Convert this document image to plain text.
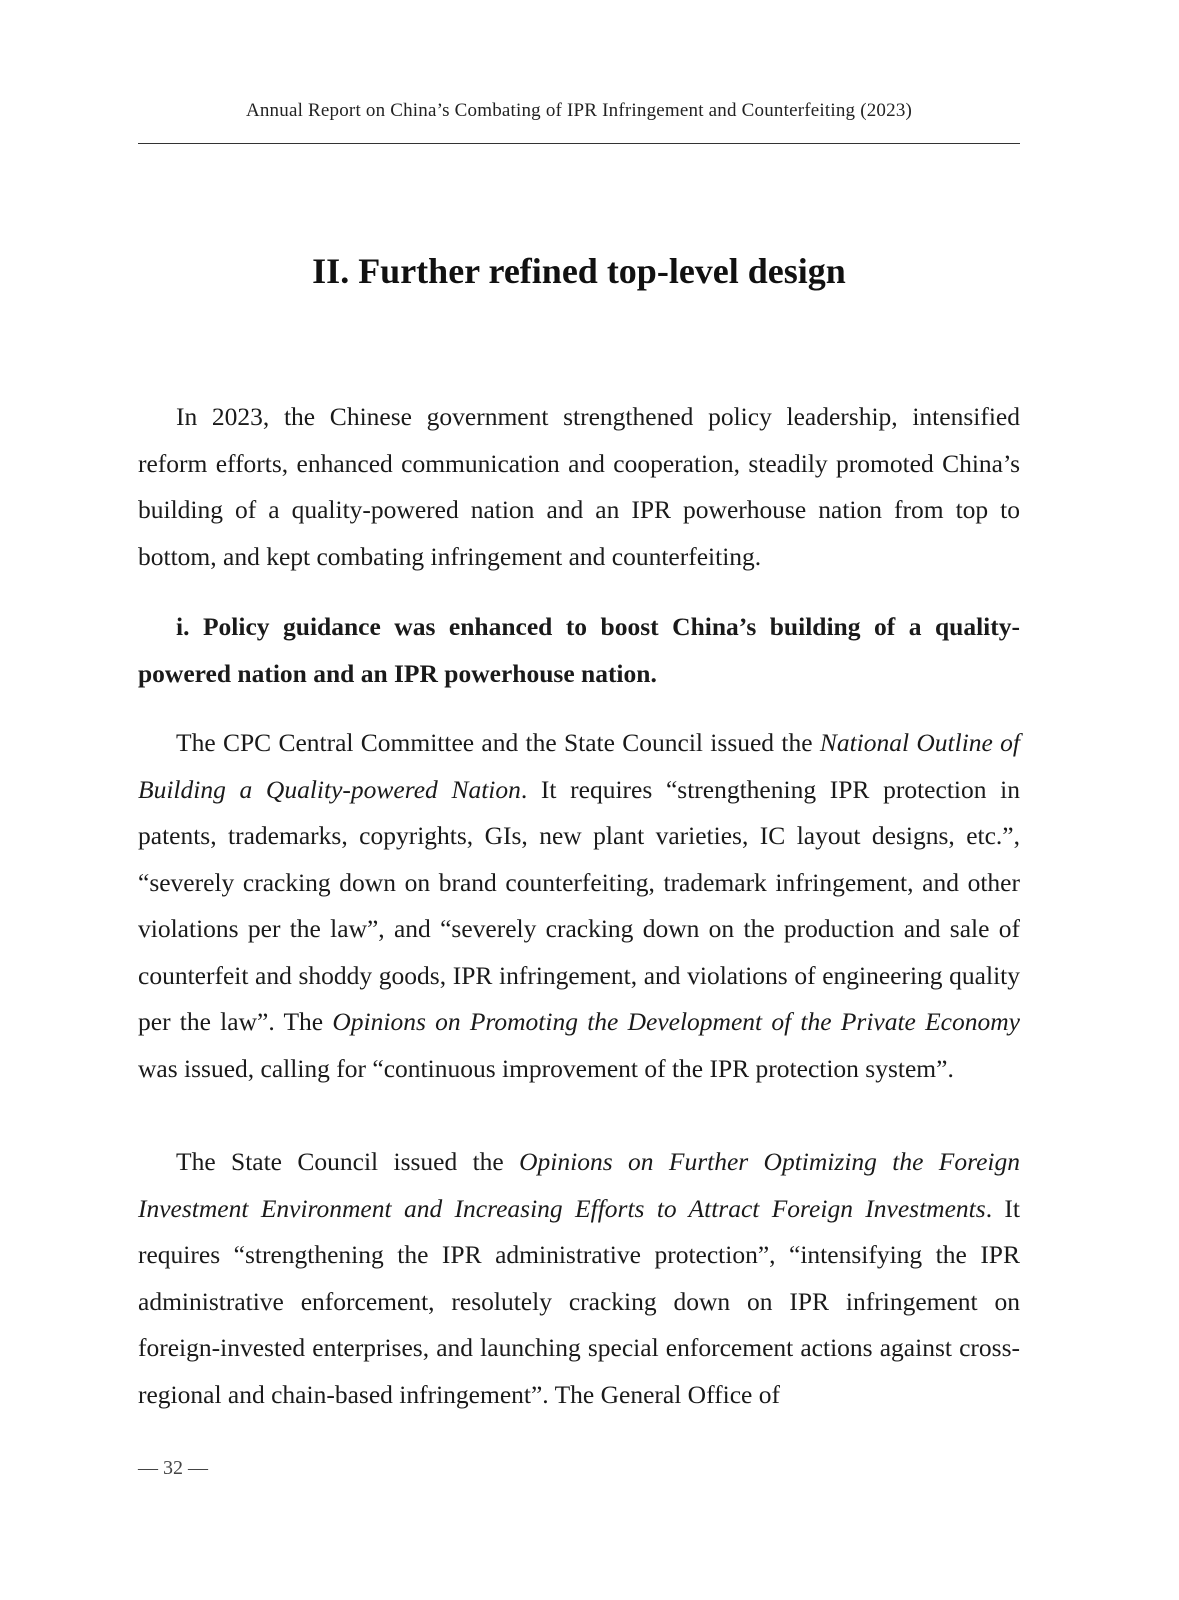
Annual Report on China’s Combating of IPR Infringement and Counterfeiting (2023)
II. Further refined top-level design

In 2023, the Chinese government strengthened policy leadership, intensified reform efforts, enhanced communication and cooperation, steadily promoted China’s building of a quality-powered nation and an IPR powerhouse nation from top to bottom, and kept combating infringement and counterfeiting.

i. Policy guidance was enhanced to boost China’s building of a quality-powered nation and an IPR powerhouse nation.

The CPC Central Committee and the State Council issued the National Outline of Building a Quality-powered Nation. It requires “strengthening IPR protection in patents, trademarks, copyrights, GIs, new plant varieties, IC layout designs, etc.”, “severely cracking down on brand counterfeiting, trademark infringement, and other violations per the law”, and “severely cracking down on the production and sale of counterfeit and shoddy goods, IPR infringement, and violations of engineering quality per the law”. The Opinions on Promoting the Development of the Private Economy was issued, calling for “continuous improvement of the IPR protection system”.

The State Council issued the Opinions on Further Optimizing the Foreign Investment Environment and Increasing Efforts to Attract Foreign Investments. It requires “strengthening the IPR administrative protection”, “intensifying the IPR administrative enforcement, resolutely cracking down on IPR infringement on foreign-invested enterprises, and launching special enforcement actions against cross-regional and chain-based infringement”. The General Office of

— 32 —
